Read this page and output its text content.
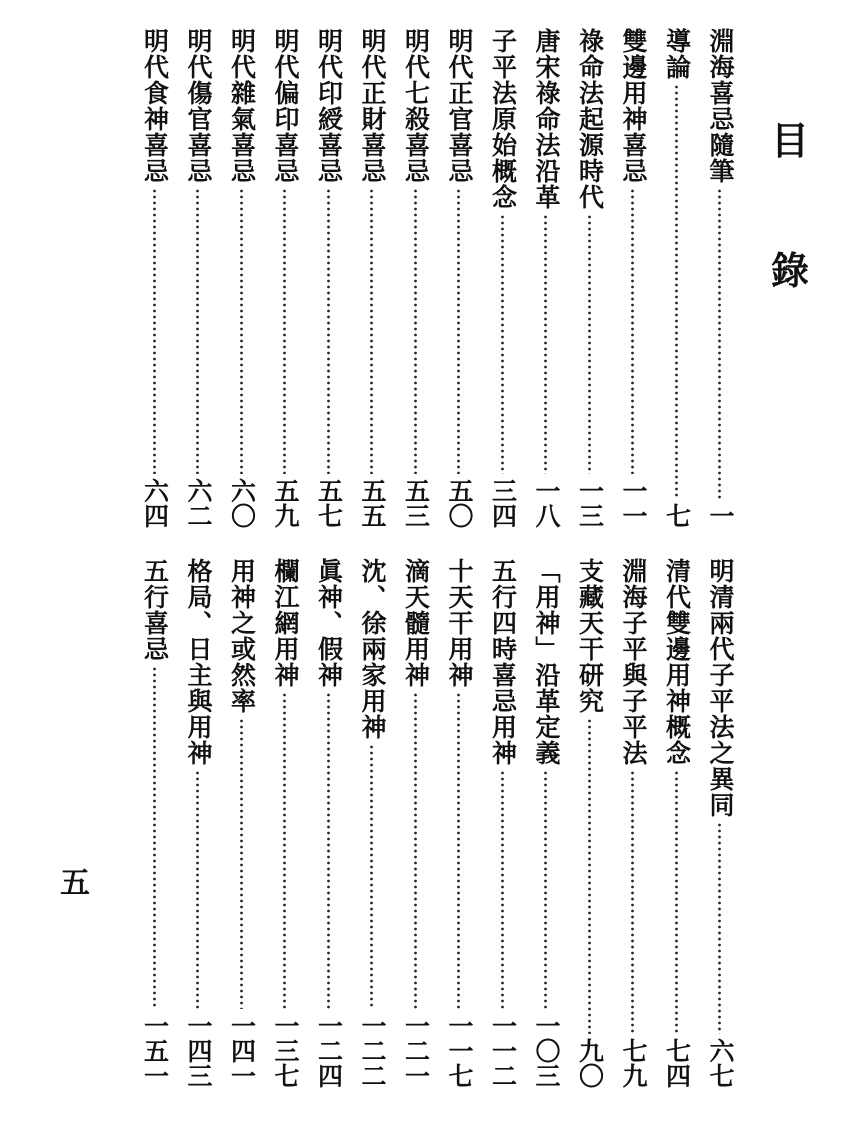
目
錄
淵海喜忌隨筆
一
導論
七
雙邊用神喜忌
一一
祿命法起源時代
一三
唐宋祿命法沿革
一八
子平法原始概念
三四
明代正官喜忌
五〇
明代七殺喜忌
五三
明代正財喜忌
五五
明代印綬喜忌
五七
明代偏印喜忌
五九
明代雜氣喜忌
六〇
明代傷官喜忌
六二
明代食神喜忌
六四
明清兩代子平法之異同
六七
清代雙邊用神概念
七四
淵海子平與子平法
七九
支藏天干研究
九〇
「用神」沿革定義
一〇三
五行四時喜忌用神
一一二
十天干用神
一一七
滴天髓用神
一二一
沈、徐兩家用神
一二二
眞神、假神
一二四
欄江網用神
一三七
用神之或然率
一四一
格局、日主與用神
一四三
五行喜忌
一五一
五
